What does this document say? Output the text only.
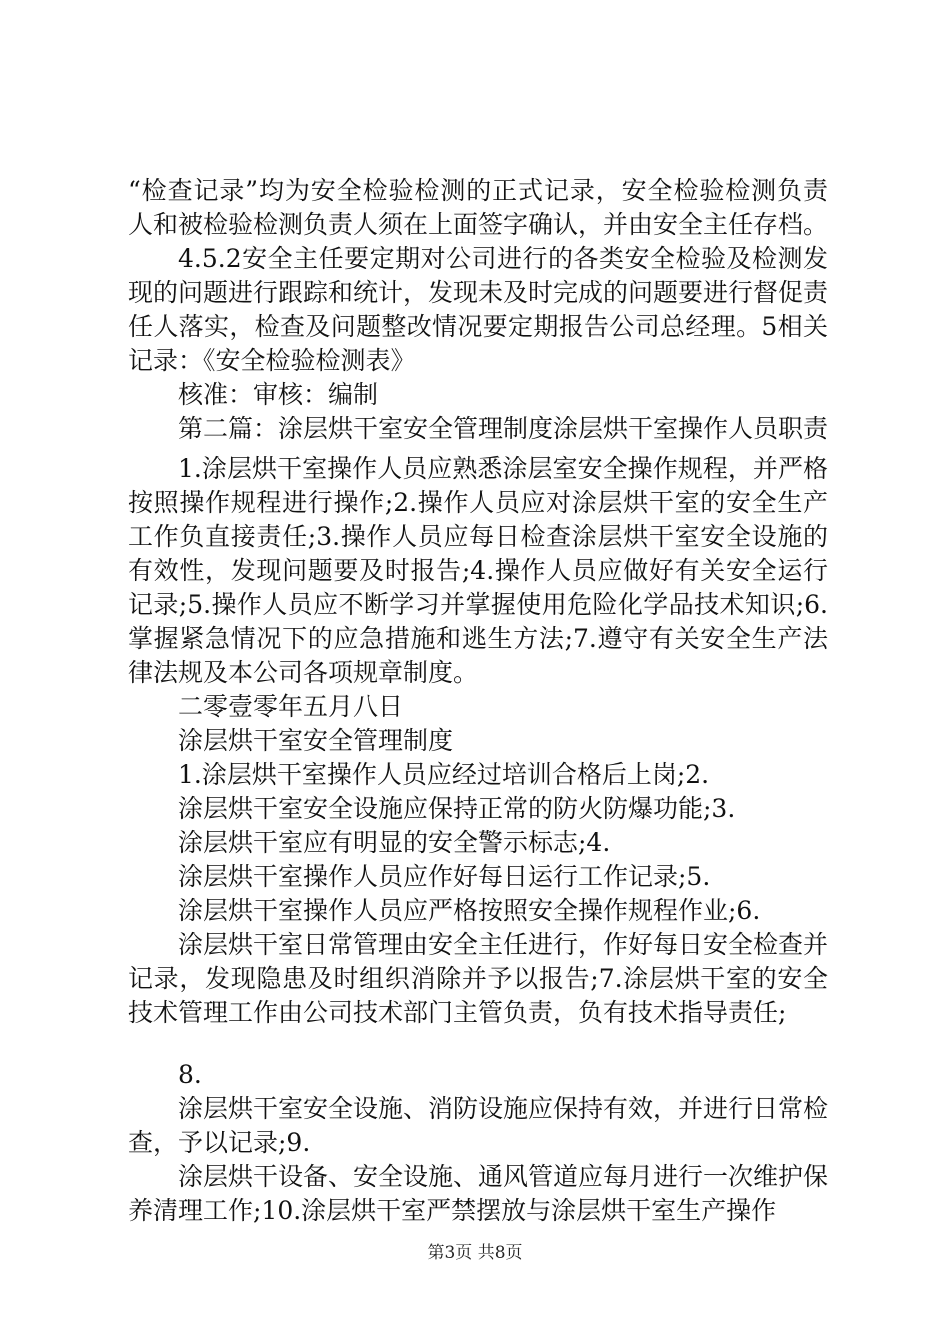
“检查记录”均为安全检验检测的正式记录，安全检验检测负责人和被检验检测负责人须在上面签字确认，并由安全主任存档。

4.5.2安全主任要定期对公司进行的各类安全检验及检测发现的问题进行跟踪和统计，发现未及时完成的问题要进行督促责任人落实，检查及问题整改情况要定期报告公司总经理。5相关记录：《安全检验检测表》

核准：审核：编制

第二篇：涂层烘干室安全管理制度涂层烘干室操作人员职责

1.涂层烘干室操作人员应熟悉涂层室安全操作规程，并严格按照操作规程进行操作;2.操作人员应对涂层烘干室的安全生产工作负直接责任;3.操作人员应每日检查涂层烘干室安全设施的有效性，发现问题要及时报告;4.操作人员应做好有关安全运行记录;5.操作人员应不断学习并掌握使用危险化学品技术知识;6.掌握紧急情况下的应急措施和逃生方法;7.遵守有关安全生产法律法规及本公司各项规章制度。

二零壹零年五月八日

涂层烘干室安全管理制度

1.涂层烘干室操作人员应经过培训合格后上岗;2.

涂层烘干室安全设施应保持正常的防火防爆功能;3.

涂层烘干室应有明显的安全警示标志;4.

涂层烘干室操作人员应作好每日运行工作记录;5.

涂层烘干室操作人员应严格按照安全操作规程作业;6.

涂层烘干室日常管理由安全主任进行，作好每日安全检查并记录，发现隐患及时组织消除并予以报告;7.涂层烘干室的安全技术管理工作由公司技术部门主管负责，负有技术指导责任;

8.

涂层烘干室安全设施、消防设施应保持有效，并进行日常检查，予以记录;9.

涂层烘干设备、安全设施、通风管道应每月进行一次维护保养清理工作;10.涂层烘干室严禁摆放与涂层烘干室生产操作

第3页 共8页
